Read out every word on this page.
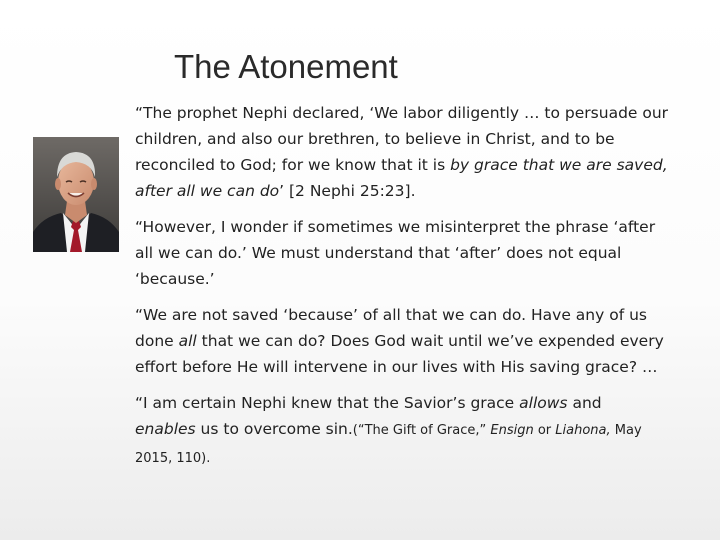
The Atonement
“The prophet Nephi declared, ‘We labor diligently … to persuade our
children, and also our brethren, to believe in Christ, and to be
reconciled to God; for we know that it is by grace that we are saved,
after all we can do’ [2 Nephi 25:23].
“However, I wonder if sometimes we misinterpret the phrase ‘after
all we can do.’ We must understand that ‘after’ does not equal
‘because.’
“We are not saved ‘because’ of all that we can do. Have any of us
done all that we can do? Does God wait until we’ve expended every
effort before He will intervene in our lives with His saving grace? …
“I am certain Nephi knew that the Savior’s grace allows and
enables us to overcome sin.(“The Gift of Grace,” Ensign or Liahona, May
2015, 110).
